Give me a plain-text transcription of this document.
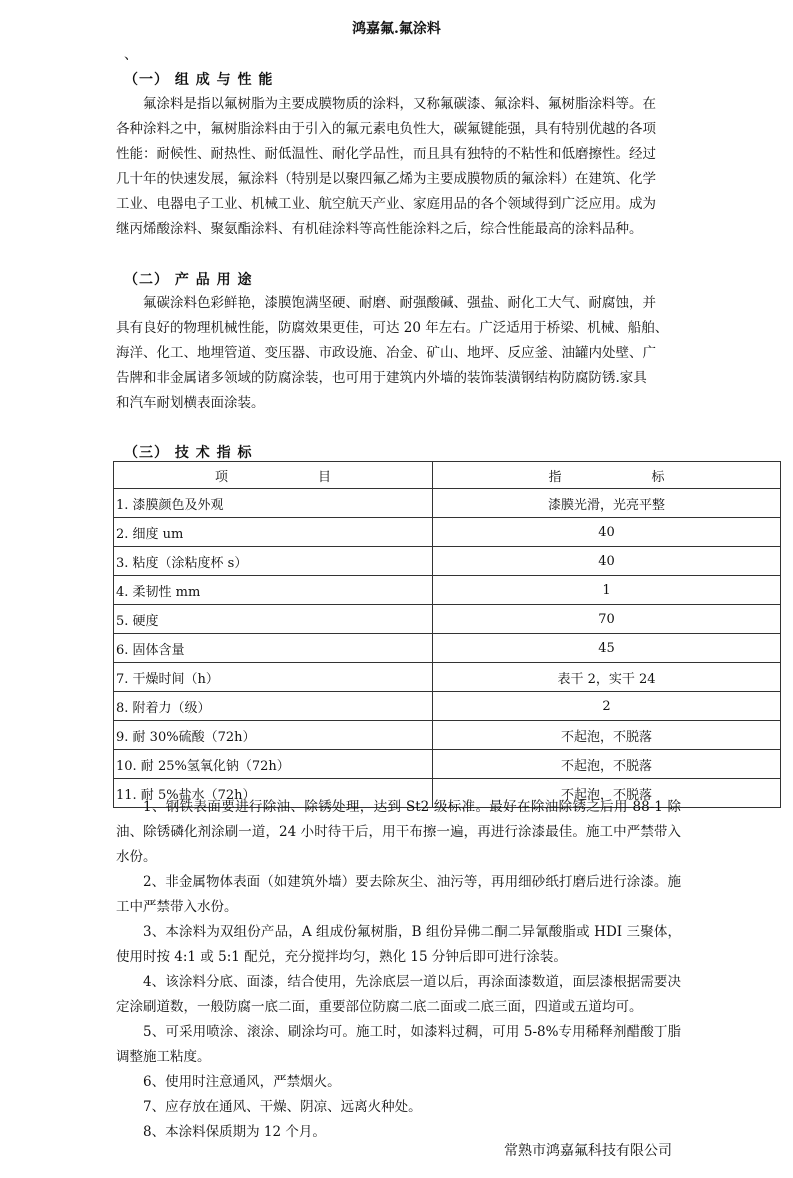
鸿嘉氟.氟涂料
、
（一） 组 成 与 性 能

氟涂料是指以氟树脂为主要成膜物质的涂料，又称氟碳漆、氟涂料、氟树脂涂料等。在
各种涂料之中，氟树脂涂料由于引入的氟元素电负性大，碳氟键能强，具有特别优越的各项
性能：耐候性、耐热性、耐低温性、耐化学品性，而且具有独特的不粘性和低磨擦性。经过
几十年的快速发展，氟涂料（特别是以聚四氟乙烯为主要成膜物质的氟涂料）在建筑、化学
工业、电器电子工业、机械工业、航空航天产业、家庭用品的各个领域得到广泛应用。成为
继丙烯酸涂料、聚氨酯涂料、有机硅涂料等高性能涂料之后，综合性能最高的涂料品种。

（二） 产 品 用 途

氟碳涂料色彩鲜艳，漆膜饱满坚硬、耐磨、耐强酸碱、强盐、耐化工大气、耐腐蚀，并
具有良好的物理机械性能，防腐效果更佳，可达 20 年左右。广泛适用于桥梁、机械、船舶、
海洋、化工、地埋管道、变压器、市政设施、冶金、矿山、地坪、反应釜、油罐内处壁、广
告牌和非金属诸多领域的防腐涂装，也可用于建筑内外墙的装饰装潢钢结构防腐防锈.家具
和汽车耐划横表面涂装。

（三） 技 术 指 标
项 目	指 标

1. 漆膜颜色及外观	漆膜光滑，光亮平整
2. 细度 um	40
3. 粘度（涂粘度杯 s）	40
4. 柔韧性 mm	1
5. 硬度	70
6. 固体含量	45
7. 干燥时间（h）	表干 2，实干 24
8. 附着力（级）	2
9. 耐 30%硫酸（72h）	不起泡，不脱落
10. 耐 25%氢氧化钠（72h）	不起泡，不脱落
11. 耐 5%盐水（72h）	不起泡，不脱落

1、钢铁表面要进行除油、除锈处理，达到 St2 级标准。最好在除油除锈之后用 88-1 除油、除锈磷化剂涂刷一道，24 小时待干后，用干布擦一遍，再进行涂漆最佳。施工中严禁带入水份。

2、非金属物体表面（如建筑外墙）要去除灰尘、油污等，再用细砂纸打磨后进行涂漆。施工中严禁带入水份。

3、本涂料为双组份产品，A 组成份氟树脂，B 组份异佛二酮二异氰酸脂或 HDI 三聚体，使用时按 4:1 或 5:1 配兑，充分搅拌均匀，熟化 15 分钟后即可进行涂装。

4、该涂料分底、面漆，结合使用，先涂底层一道以后，再涂面漆数道，面层漆根据需要决定涂刷道数，一般防腐一底二面，重要部位防腐二底二面或二底三面，四道或五道均可。

5、可采用喷涂、滚涂、刷涂均可。施工时，如漆料过稠，可用 5-8%专用稀释剂醋酸丁脂调整施工粘度。

6、使用时注意通风，严禁烟火。

7、应存放在通风、干燥、阴凉、远离火种处。

8、本涂料保质期为 12 个月。

常熟市鸿嘉氟科技有限公司
